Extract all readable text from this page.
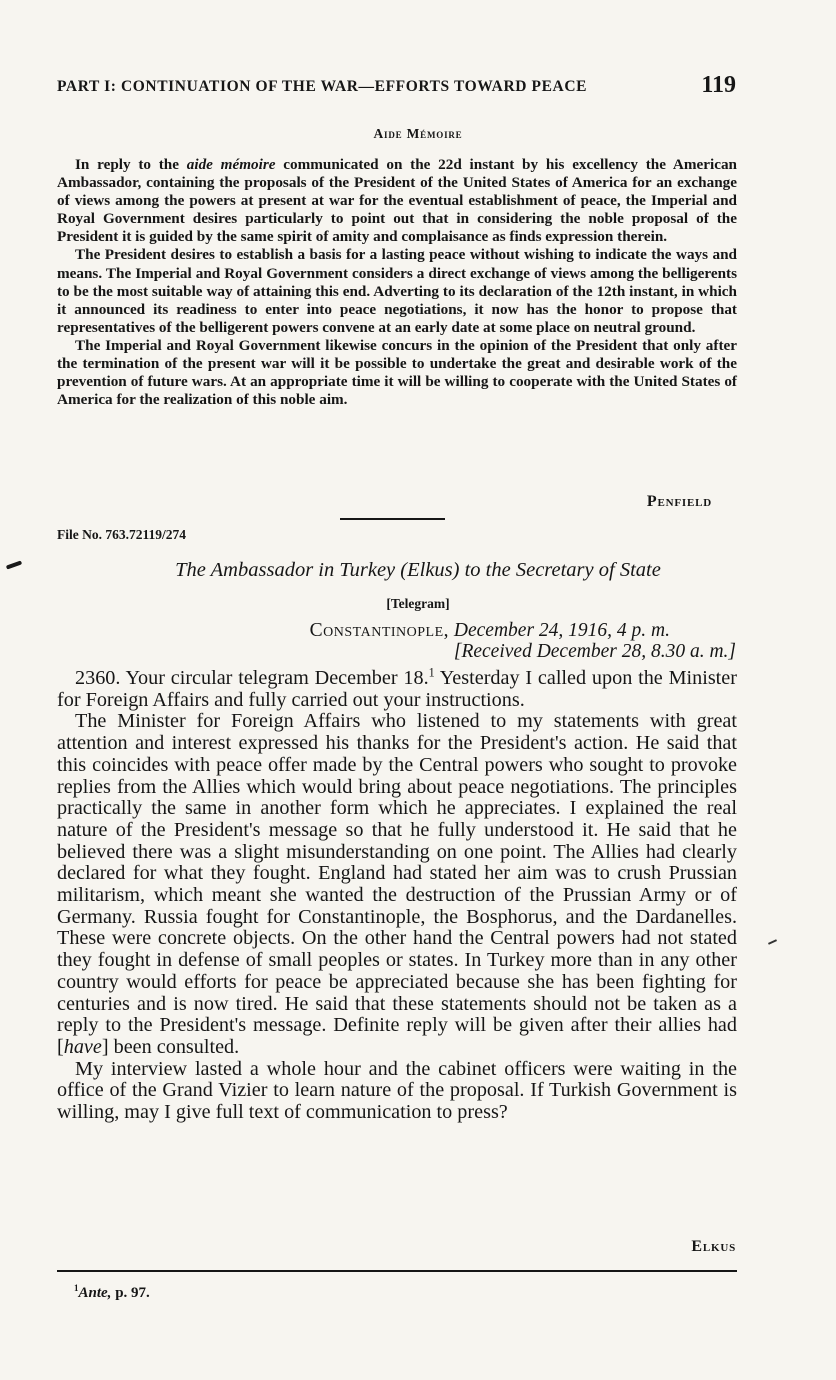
PART I: CONTINUATION OF THE WAR—EFFORTS TOWARD PEACE	119
Aide Mémoire

In reply to the aide mémoire communicated on the 22d instant by his excellency the American Ambassador, containing the proposals of the President of the United States of America for an exchange of views among the powers at present at war for the eventual establishment of peace, the Imperial and Royal Government desires particularly to point out that in considering the noble proposal of the President it is guided by the same spirit of amity and complaisance as finds expression therein.

The President desires to establish a basis for a lasting peace without wishing to indicate the ways and means. The Imperial and Royal Government considers a direct exchange of views among the belligerents to be the most suitable way of attaining this end. Adverting to its declaration of the 12th instant, in which it announced its readiness to enter into peace negotiations, it now has the honor to propose that representatives of the belligerent powers convene at an early date at some place on neutral ground.

The Imperial and Royal Government likewise concurs in the opinion of the President that only after the termination of the present war will it be possible to undertake the great and desirable work of the prevention of future wars. At an appropriate time it will be willing to cooperate with the United States of America for the realization of this noble aim.

Penfield
File No. 763.72119/274
The Ambassador in Turkey (Elkus) to the Secretary of State
[Telegram]
Constantinople, December 24, 1916, 4 p. m.
[Received December 28, 8.30 a. m.]

2360. Your circular telegram December 18.$^1$ Yesterday I called upon the Minister for Foreign Affairs and fully carried out your instructions.

The Minister for Foreign Affairs who listened to my statements with great attention and interest expressed his thanks for the President's action. He said that this coincides with peace offer made by the Central powers who sought to provoke replies from the Allies which would bring about peace negotiations. The principles practically the same in another form which he appreciates. I explained the real nature of the President's message so that he fully understood it. He said that he believed there was a slight misunderstanding on one point. The Allies had clearly declared for what they fought. England had stated her aim was to crush Prussian militarism, which meant she wanted the destruction of the Prussian Army or of Germany. Russia fought for Constantinople, the Bosphorus, and the Dardanelles. These were concrete objects. On the other hand the Central powers had not stated they fought in defense of small peoples or states. In Turkey more than in any other country would efforts for peace be appreciated because she has been fighting for centuries and is now tired. He said that these statements should not be taken as a reply to the President's message. Definite reply will be given after their allies had [have] been consulted.

My interview lasted a whole hour and the cabinet officers were waiting in the office of the Grand Vizier to learn nature of the proposal. If Turkish Government is willing, may I give full text of communication to press?

Elkus
$^1$Ante, p. 97.
